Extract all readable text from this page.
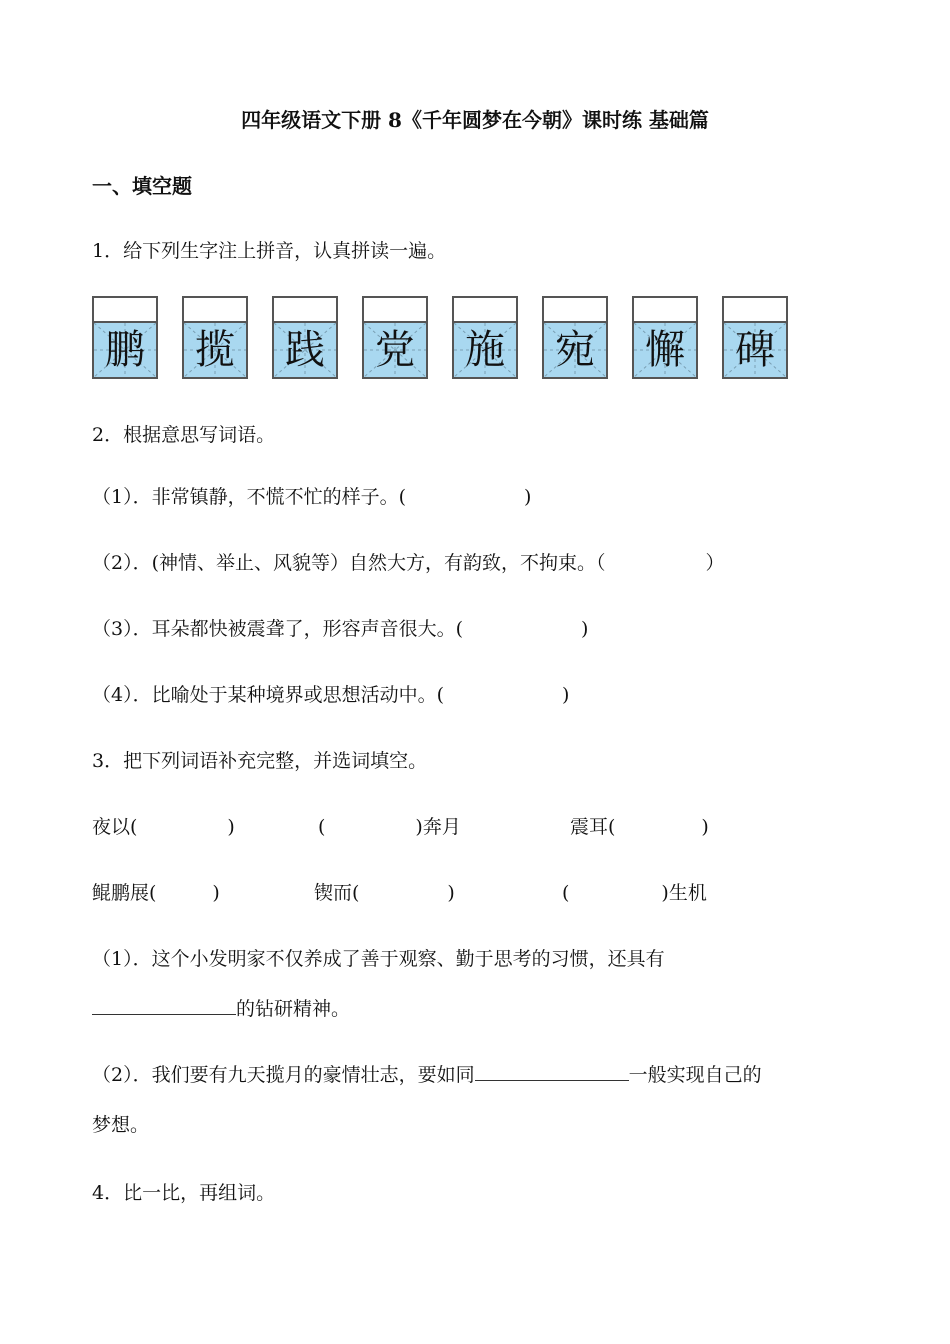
四年级语文下册 8《千年圆梦在今朝》课时练 基础篇
一、填空题
1．给下列生字注上拼音，认真拼读一遍。
鹏 揽 践 党 施 宛 懈 碑
2．根据意思写词语。
（1）．非常镇静，不慌不忙的样子。(	)
（2）．(神情、举止、风貌等）自然大方，有韵致，不拘束。（	）
（3）．耳朵都快被震聋了，形容声音很大。(	)
（4）．比喻处于某种境界或思想活动中。(	)
3．把下列词语补充完整，并选词填空。
夜以(	)	(	)奔月	震耳(	)
鲲鹏展(	)	锲而(	)	(	)生机
（1）．这个小发明家不仅养成了善于观察、勤于思考的习惯，还具有
的钻研精神。
（2）．我们要有九天揽月的豪情壮志，要如同	一般实现自己的
梦想。
4．比一比，再组词。
